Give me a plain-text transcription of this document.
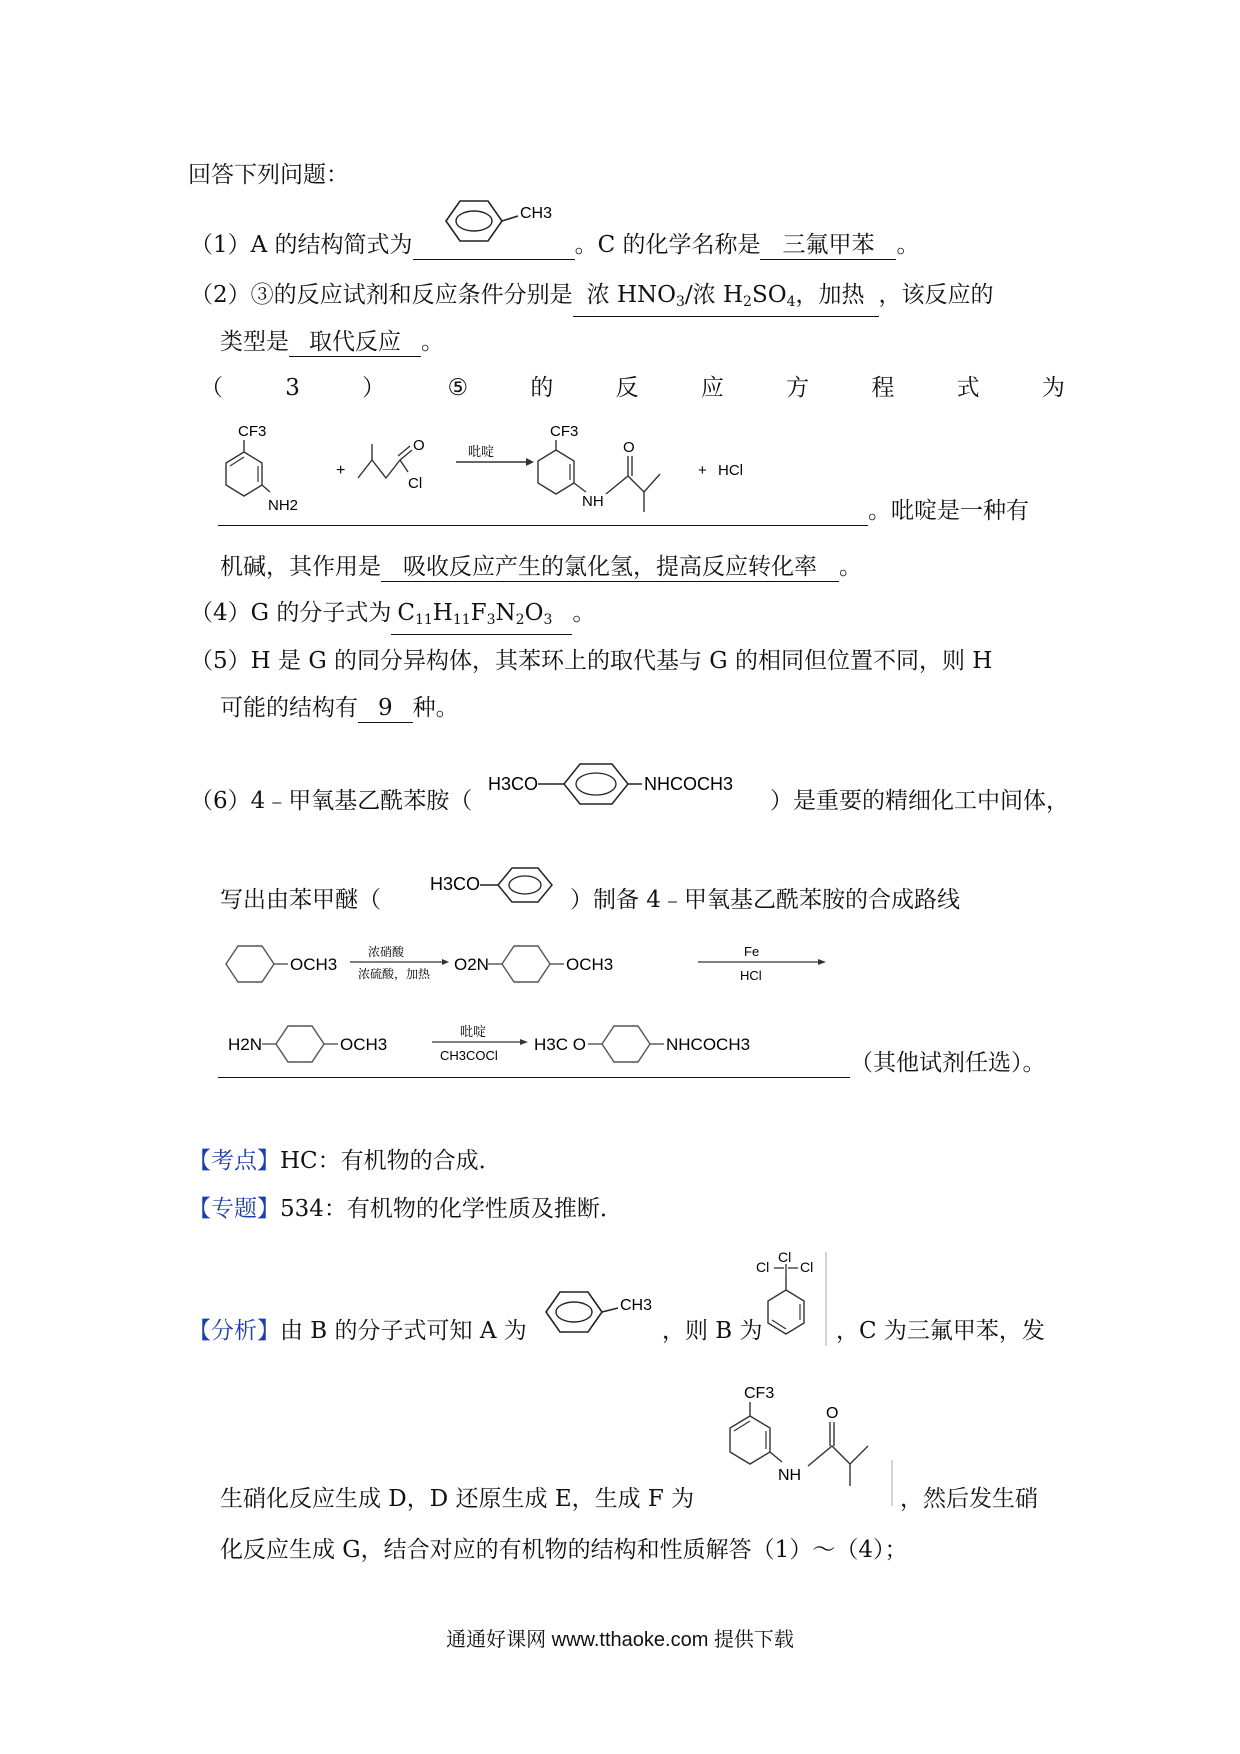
回答下列问题：
（1）A 的结构简式为	。C 的化学名称是 三氟甲苯 。
CH3
（2）③的反应试剂和反应条件分别是 浓 $HNO_3/$浓 $H_2SO_4$，加热 ，该反应的
类型是 取代反应 。
（	3	）	⑤	的	反	应	方	程	式	为
CF3
NH2
+
O
Cl
吡啶
CF3
NH
O
+ HCl
。吡啶是一种有
机碱，其作用是 吸收反应产生的氯化氢，提高反应转化率 。
（4）G 的分子式为 $C_{11}H_{11}F_3N_2O_3$ 。
（5）H 是 G 的同分异构体，其苯环上的取代基与 G 的相同但位置不同，则 H
可能的结构有 9 种。
（6）4﹣甲氧基乙酰苯胺（
H3CO	NHCOCH3
）是重要的精细化工中间体，
写出由苯甲醚（
H3CO
）制备 4﹣甲氧基乙酰苯胺的合成路线
OCH3
浓硝酸
浓硫酸，加热 O2N	OCH3
Fe
HCl
H2N	OCH3
吡啶
CH3COCl
H3C O	NHCOCH3
（其他试剂任选）。
【考点】HC：有机物的合成．
【专题】534：有机物的化学性质及推断．
【分析】由 B 的分子式可知 A 为
CH3
，则 B 为
Cl
Cl
Cl
，C 为三氟甲苯，发
CF3
NH
O
生硝化反应生成 D，D 还原生成 E，生成 F 为	，然后发生硝
化反应生成 G，结合对应的有机物的结构和性质解答（1）～（4）；
通通好课网 www.tthaoke.com 提供下载
